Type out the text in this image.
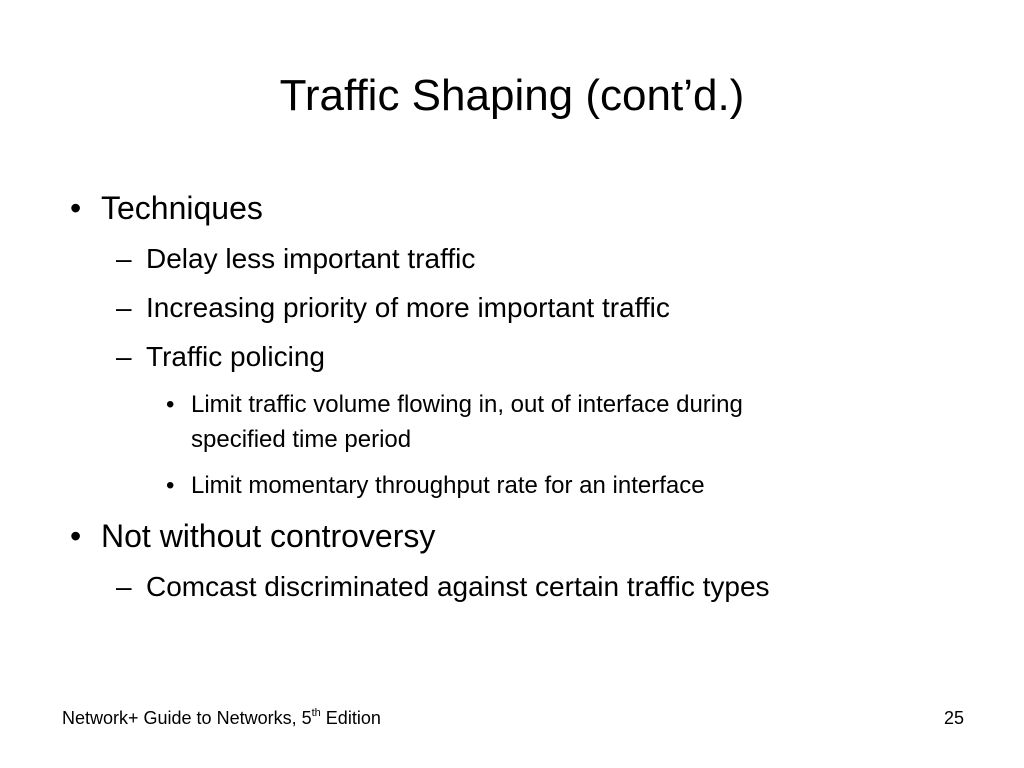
Traffic Shaping (cont’d.)
• Techniques
– Delay less important traffic
– Increasing priority of more important traffic
– Traffic policing
• Limit traffic volume flowing in, out of interface during
specified time period
• Limit momentary throughput rate for an interface
• Not without controversy
– Comcast discriminated against certain traffic types
Network+ Guide to Networks, 5th Edition	25
